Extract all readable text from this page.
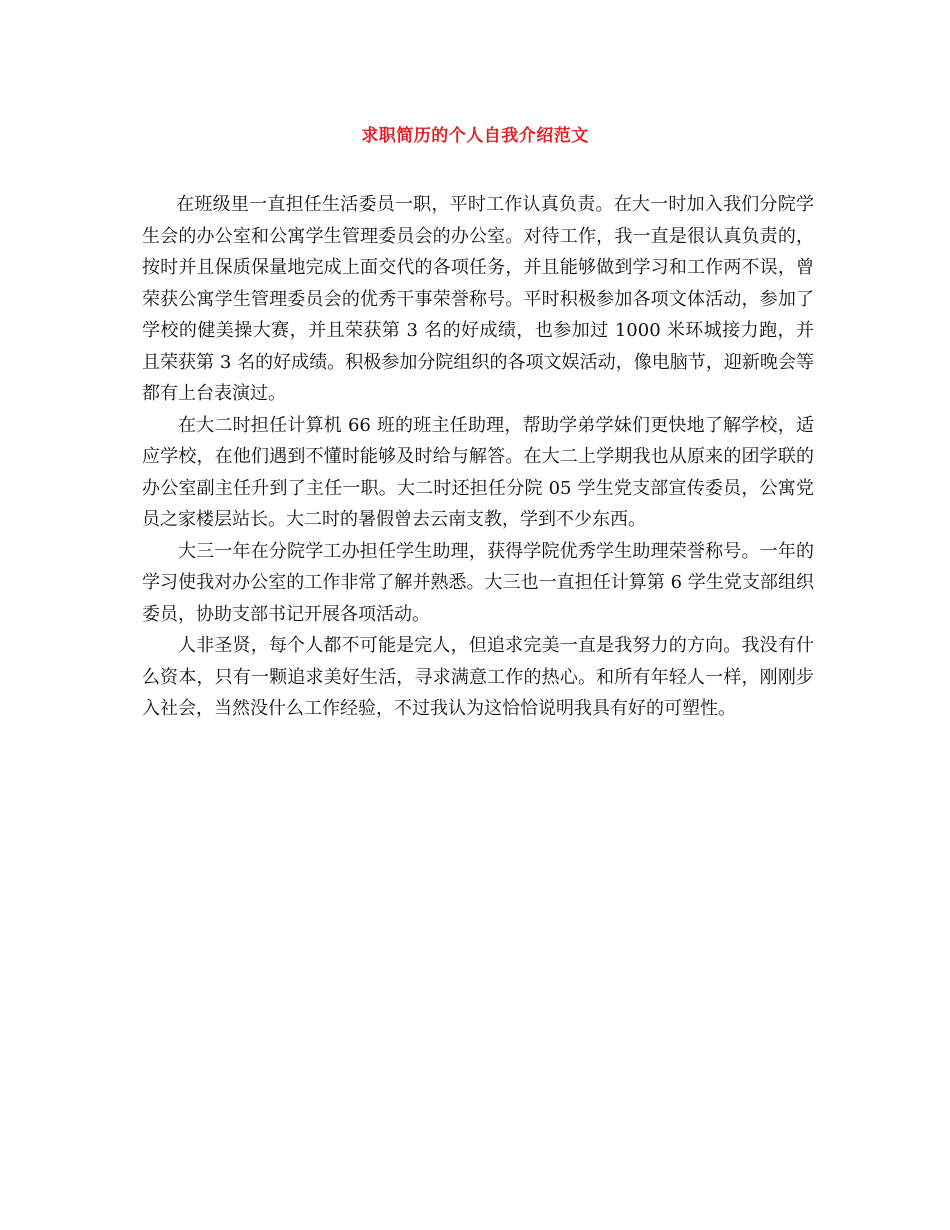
求职简历的个人自我介绍范文

在班级里一直担任生活委员一职，平时工作认真负责。在大一时加入我们分院学生会的办公室和公寓学生管理委员会的办公室。对待工作，我一直是很认真负责的，按时并且保质保量地完成上面交代的各项任务，并且能够做到学习和工作两不误，曾荣获公寓学生管理委员会的优秀干事荣誉称号。平时积极参加各项文体活动，参加了学校的健美操大赛，并且荣获第 3 名的好成绩，也参加过 1000 米环城接力跑，并且荣获第 3 名的好成绩。积极参加分院组织的各项文娱活动，像电脑节，迎新晚会等都有上台表演过。

在大二时担任计算机 66 班的班主任助理，帮助学弟学妹们更快地了解学校，适应学校，在他们遇到不懂时能够及时给与解答。在大二上学期我也从原来的团学联的办公室副主任升到了主任一职。大二时还担任分院 05 学生党支部宣传委员，公寓党员之家楼层站长。大二时的暑假曾去云南支教，学到不少东西。

大三一年在分院学工办担任学生助理，获得学院优秀学生助理荣誉称号。一年的学习使我对办公室的工作非常了解并熟悉。大三也一直担任计算第 6 学生党支部组织委员，协助支部书记开展各项活动。

人非圣贤，每个人都不可能是完人，但追求完美一直是我努力的方向。我没有什么资本，只有一颗追求美好生活，寻求满意工作的热心。和所有年轻人一样，刚刚步入社会，当然没什么工作经验，不过我认为这恰恰说明我具有好的可塑性。
